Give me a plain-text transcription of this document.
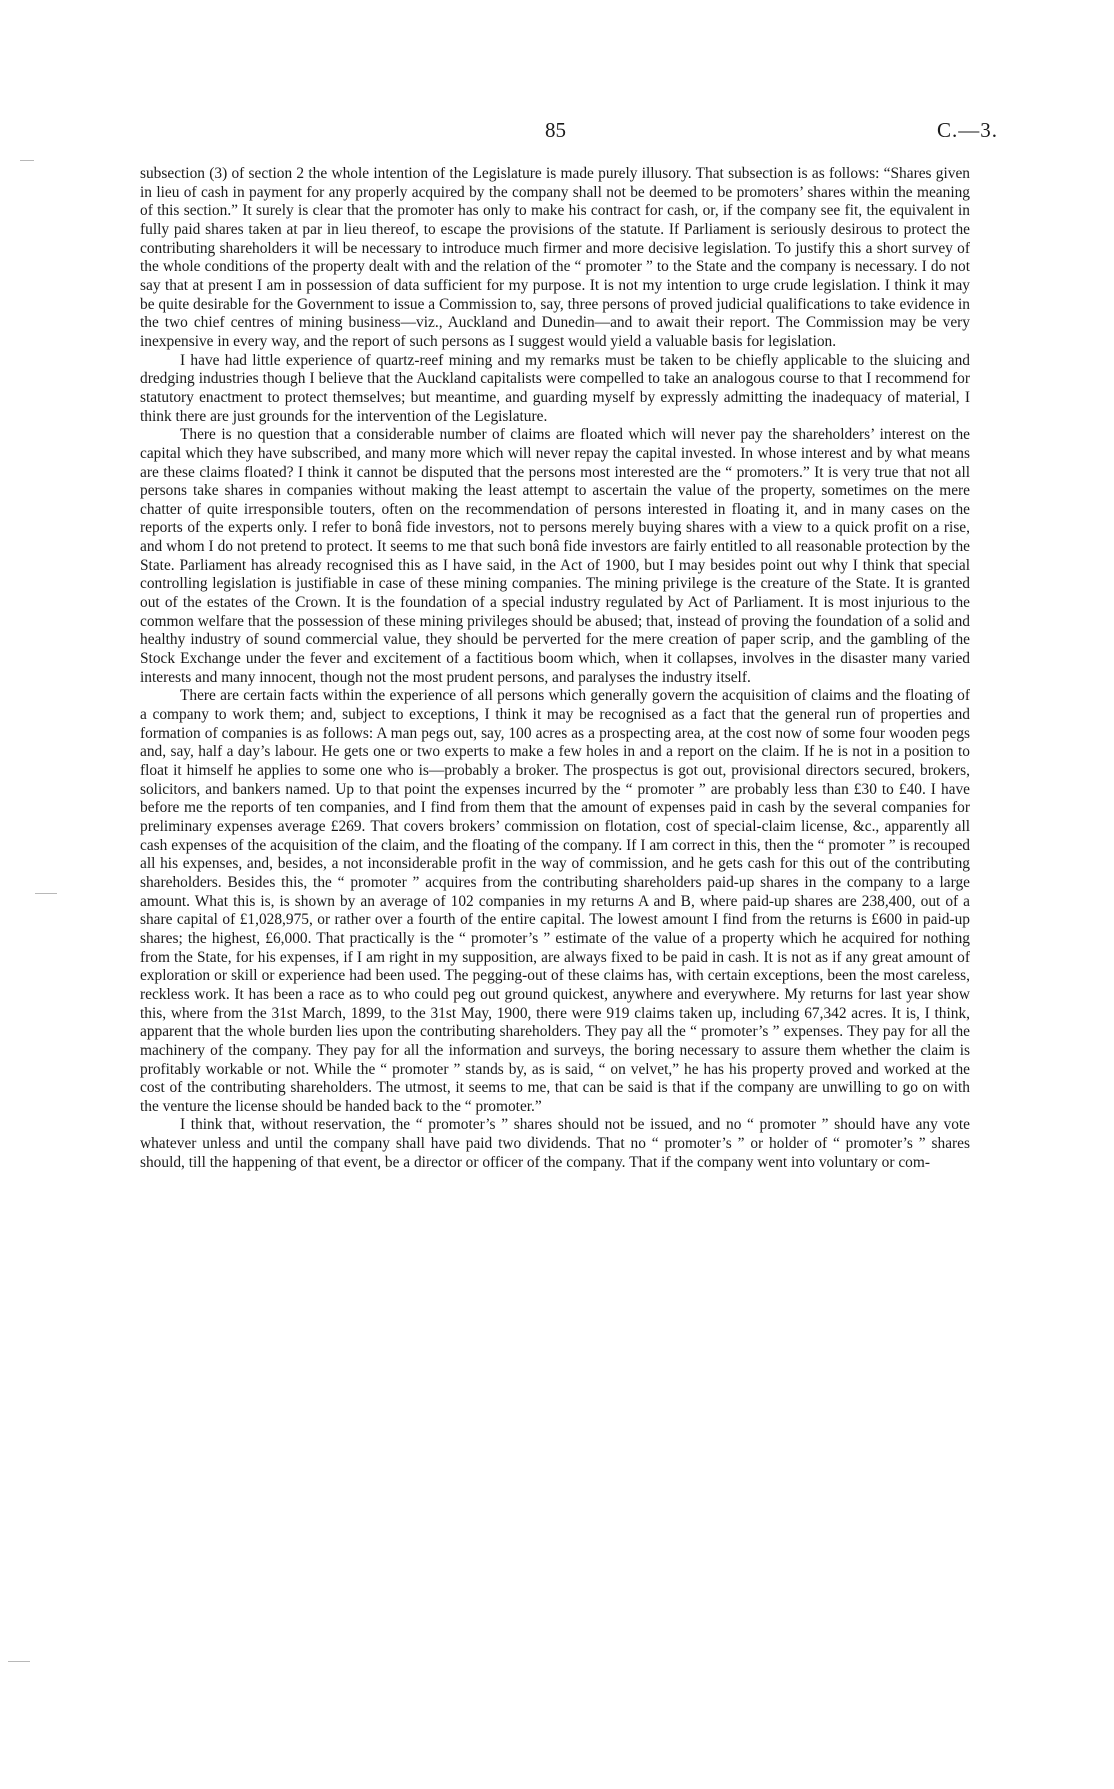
85	C.—3.

subsection (3) of section 2 the whole intention of the Legislature is made purely illusory. That subsection is as follows: “Shares given in lieu of cash in payment for any properly acquired by the company shall not be deemed to be promoters’ shares within the meaning of this section.” It surely is clear that the promoter has only to make his contract for cash, or, if the company see fit, the equivalent in fully paid shares taken at par in lieu thereof, to escape the provisions of the statute. If Parliament is seriously desirous to protect the contributing shareholders it will be necessary to introduce much firmer and more decisive legislation. To justify this a short survey of the whole conditions of the property dealt with and the relation of the “ promoter ” to the State and the company is necessary. I do not say that at present I am in possession of data sufficient for my purpose. It is not my intention to urge crude legislation. I think it may be quite desirable for the Government to issue a Commission to, say, three persons of proved judicial qualifications to take evidence in the two chief centres of mining business—viz., Auckland and Dunedin—and to await their report. The Commission may be very inexpensive in every way, and the report of such persons as I suggest would yield a valuable basis for legislation.

I have had little experience of quartz-reef mining and my remarks must be taken to be chiefly applicable to the sluicing and dredging industries though I believe that the Auckland capitalists were compelled to take an analogous course to that I recommend for statutory enactment to protect themselves; but meantime, and guarding myself by expressly admitting the inadequacy of material, I think there are just grounds for the intervention of the Legislature.

There is no question that a considerable number of claims are floated which will never pay the shareholders’ interest on the capital which they have subscribed, and many more which will never repay the capital invested. In whose interest and by what means are these claims floated? I think it cannot be disputed that the persons most interested are the “ promoters.” It is very true that not all persons take shares in companies without making the least attempt to ascertain the value of the property, sometimes on the mere chatter of quite irresponsible touters, often on the recommendation of persons interested in floating it, and in many cases on the reports of the experts only. I refer to bonâ fide investors, not to persons merely buying shares with a view to a quick profit on a rise, and whom I do not pretend to protect. It seems to me that such bonâ fide investors are fairly entitled to all reasonable protection by the State. Parliament has already recognised this as I have said, in the Act of 1900, but I may besides point out why I think that special controlling legislation is justifiable in case of these mining companies. The mining privilege is the creature of the State. It is granted out of the estates of the Crown. It is the foundation of a special industry regulated by Act of Parliament. It is most injurious to the common welfare that the possession of these mining privileges should be abused; that, instead of proving the foundation of a solid and healthy industry of sound commercial value, they should be perverted for the mere creation of paper scrip, and the gambling of the Stock Exchange under the fever and excitement of a factitious boom which, when it collapses, involves in the disaster many varied interests and many innocent, though not the most prudent persons, and paralyses the industry itself.

There are certain facts within the experience of all persons which generally govern the acquisition of claims and the floating of a company to work them; and, subject to exceptions, I think it may be recognised as a fact that the general run of properties and formation of companies is as follows: A man pegs out, say, 100 acres as a prospecting area, at the cost now of some four wooden pegs and, say, half a day’s labour. He gets one or two experts to make a few holes in and a report on the claim. If he is not in a position to float it himself he applies to some one who is—probably a broker. The prospectus is got out, provisional directors secured, brokers, solicitors, and bankers named. Up to that point the expenses incurred by the “ promoter ” are probably less than £30 to £40. I have before me the reports of ten companies, and I find from them that the amount of expenses paid in cash by the several companies for preliminary expenses average £269. That covers brokers’ commission on flotation, cost of special-claim license, &c., apparently all cash expenses of the acquisition of the claim, and the floating of the company. If I am correct in this, then the “ promoter ” is recouped all his expenses, and, besides, a not inconsiderable profit in the way of commission, and he gets cash for this out of the contributing shareholders. Besides this, the “ promoter ” acquires from the contributing shareholders paid-up shares in the company to a large amount. What this is, is shown by an average of 102 companies in my returns A and B, where paid-up shares are 238,400, out of a share capital of £1,028,975, or rather over a fourth of the entire capital. The lowest amount I find from the returns is £600 in paid-up shares; the highest, £6,000. That practically is the “ promoter’s ” estimate of the value of a property which he acquired for nothing from the State, for his expenses, if I am right in my supposition, are always fixed to be paid in cash. It is not as if any great amount of exploration or skill or experience had been used. The pegging-out of these claims has, with certain exceptions, been the most careless, reckless work. It has been a race as to who could peg out ground quickest, anywhere and everywhere. My returns for last year show this, where from the 31st March, 1899, to the 31st May, 1900, there were 919 claims taken up, including 67,342 acres. It is, I think, apparent that the whole burden lies upon the contributing shareholders. They pay all the “ promoter’s ” expenses. They pay for all the machinery of the company. They pay for all the information and surveys, the boring necessary to assure them whether the claim is profitably workable or not. While the “ promoter ” stands by, as is said, “ on velvet,” he has his property proved and worked at the cost of the contributing shareholders. The utmost, it seems to me, that can be said is that if the company are unwilling to go on with the venture the license should be handed back to the “ promoter.”

I think that, without reservation, the “ promoter’s ” shares should not be issued, and no “ promoter ” should have any vote whatever unless and until the company shall have paid two dividends. That no “ promoter’s ” or holder of “ promoter’s ” shares should, till the happening of that event, be a director or officer of the company. That if the company went into voluntary or com-
